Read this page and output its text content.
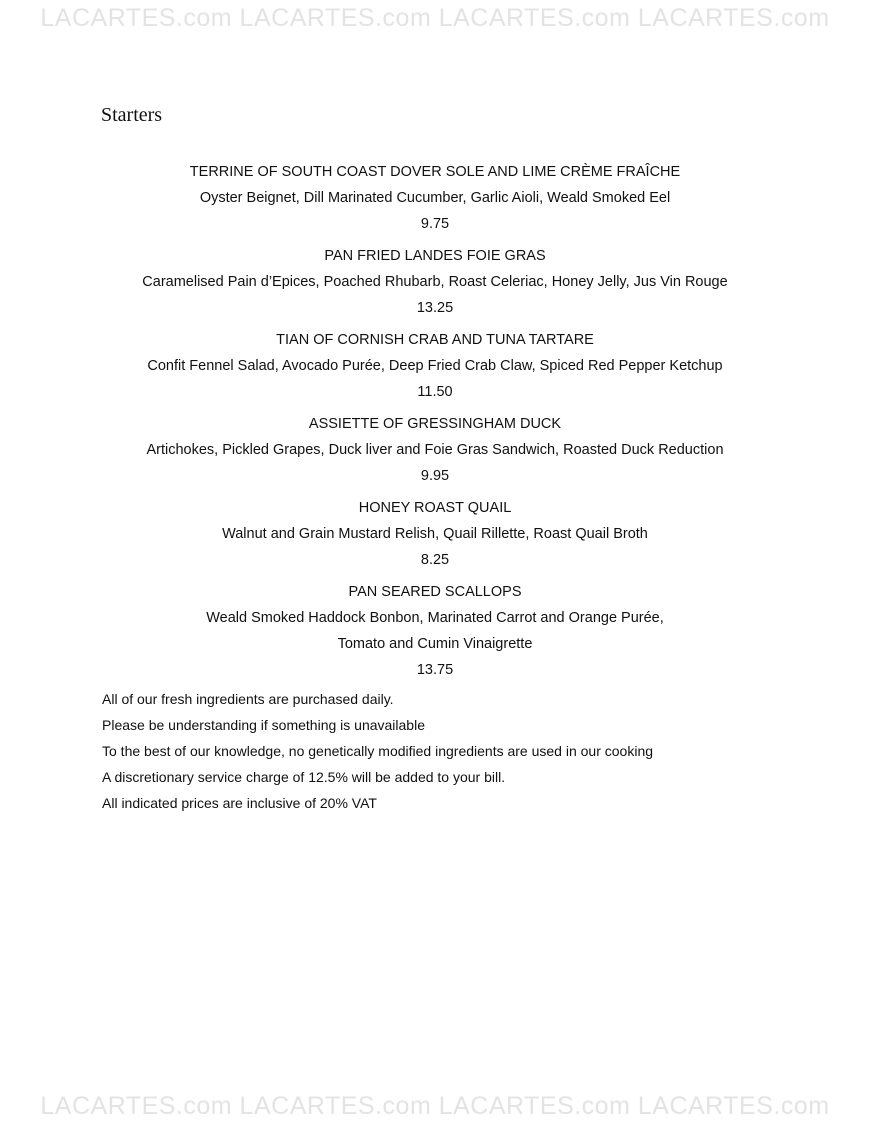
LACARTES.com LACARTES.com LACARTES.com LACARTES.com
Starters
TERRINE OF SOUTH COAST DOVER SOLE AND LIME CRÈME FRAÎCHE
Oyster Beignet, Dill Marinated Cucumber, Garlic Aioli, Weald Smoked Eel
9.75
PAN FRIED LANDES FOIE GRAS
Caramelised Pain d’Epices, Poached Rhubarb, Roast Celeriac, Honey Jelly, Jus Vin Rouge
13.25
TIAN OF CORNISH CRAB AND TUNA TARTARE
Confit Fennel Salad, Avocado Purée, Deep Fried Crab Claw, Spiced Red Pepper Ketchup
11.50
ASSIETTE OF GRESSINGHAM DUCK
Artichokes, Pickled Grapes, Duck liver and Foie Gras Sandwich, Roasted Duck Reduction
9.95
HONEY ROAST QUAIL
Walnut and Grain Mustard Relish, Quail Rillette, Roast Quail Broth
8.25
PAN SEARED SCALLOPS
Weald Smoked Haddock Bonbon, Marinated Carrot and Orange Purée,
Tomato and Cumin Vinaigrette
13.75
All of our fresh ingredients are purchased daily.
Please be understanding if something is unavailable
To the best of our knowledge, no genetically modified ingredients are used in our cooking
A discretionary service charge of 12.5% will be added to your bill.
All indicated prices are inclusive of 20% VAT
LACARTES.com LACARTES.com LACARTES.com LACARTES.com
